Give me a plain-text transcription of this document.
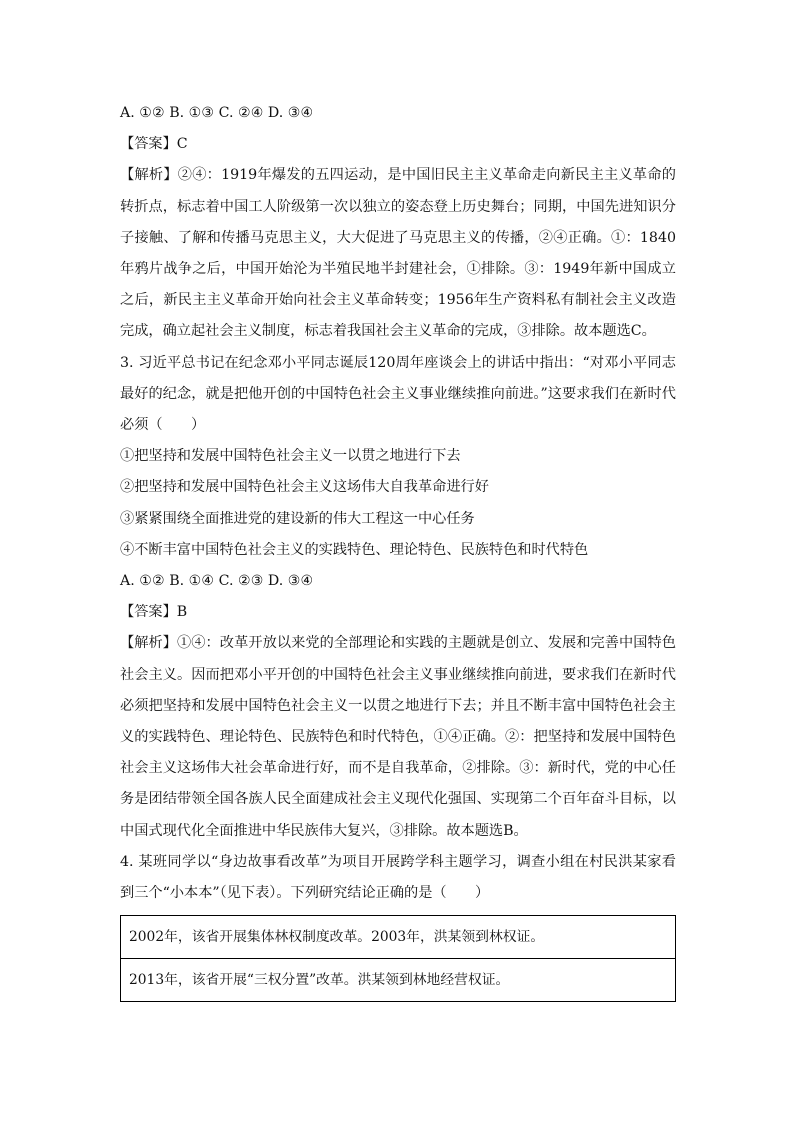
A. ①② B. ①③ C. ②④ D. ③④

【答案】C

【解析】②④：1919年爆发的五四运动，是中国旧民主主义革命走向新民主主义革命的转折点，标志着中国工人阶级第一次以独立的姿态登上历史舞台；同期，中国先进知识分子接触、了解和传播马克思主义，大大促进了马克思主义的传播，②④正确。①：1840年鸦片战争之后，中国开始沦为半殖民地半封建社会，①排除。③：1949年新中国成立之后，新民主主义革命开始向社会主义革命转变；1956年生产资料私有制社会主义改造完成，确立起社会主义制度，标志着我国社会主义革命的完成，③排除。故本题选C。

3. 习近平总书记在纪念邓小平同志诞辰120周年座谈会上的讲话中指出：“对邓小平同志最好的纪念，就是把他开创的中国特色社会主义事业继续推向前进。”这要求我们在新时代必须（　　）

①把坚持和发展中国特色社会主义一以贯之地进行下去

②把坚持和发展中国特色社会主义这场伟大自我革命进行好

③紧紧围绕全面推进党的建设新的伟大工程这一中心任务

④不断丰富中国特色社会主义的实践特色、理论特色、民族特色和时代特色

A. ①② B. ①④ C. ②③ D. ③④

【答案】B

【解析】①④：改革开放以来党的全部理论和实践的主题就是创立、发展和完善中国特色社会主义。因而把邓小平开创的中国特色社会主义事业继续推向前进，要求我们在新时代必须把坚持和发展中国特色社会主义一以贯之地进行下去；并且不断丰富中国特色社会主义的实践特色、理论特色、民族特色和时代特色，①④正确。②：把坚持和发展中国特色社会主义这场伟大社会革命进行好，而不是自我革命，②排除。③：新时代，党的中心任务是团结带领全国各族人民全面建成社会主义现代化强国、实现第二个百年奋斗目标，以中国式现代化全面推进中华民族伟大复兴，③排除。故本题选B。

4. 某班同学以“身边故事看改革”为项目开展跨学科主题学习，调查小组在村民洪某家看到三个“小本本”（见下表）。下列研究结论正确的是（　　）

2002年，该省开展集体林权制度改革。2003年，洪某领到林权证。
2013年，该省开展“三权分置”改革。洪某领到林地经营权证。
